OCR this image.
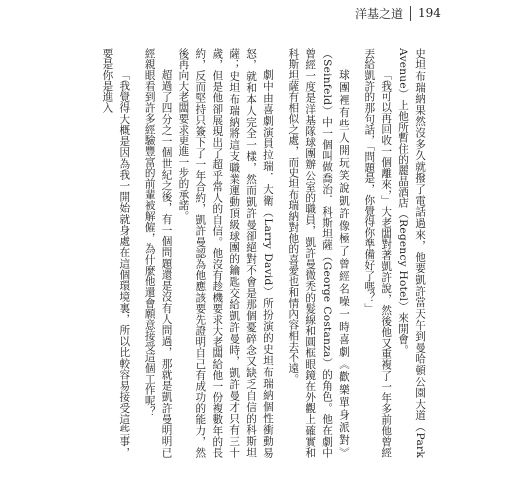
洋基之道 194

史坦布瑞納果然沒多久就撥了電話過來，他要凱許當天午到曼哈頓公園大道（Park Avenue）上他所暫住的麗晶酒店（Regency Hotel）來開會。

「我可以再回收一個離來，」大老闆對著凱許說，然後他又重複了一年多前他曾經丟給凱許的那句話，「問題是，你覺得你準備好了嗎？」

球團裡有些人開玩笑說凱許像極了曾經名噪一時喜劇《歡樂單身派對》（Seinfeld）中一個叫做喬治．科斯坦薩（George Costanza）的角色。他在劇中曾經一度是洋基隊球團辦公室的職員，凱許曼微禿的髮線和圓框眼鏡在外觀上確實和科斯坦薩有相似之處，而史坦布瑞納對他的喜愛也和情內容相去不遠。

劇中由喜劇演員拉瑞．大衛（Larry David）所扮演的史坦布瑞納個性衝動易怒，就和本人完全一樣，然而凱許曼卻絕對不會是那個憂碎念又缺乏自信的科斯坦薩；史坦布瑞納將這支職業運動頂級球團的鑰匙交給凱許曼時，凱許曼才只有三十歲，但是他卻展現出了超乎常人的自信。他沒有趁機要求大老闆給他一份複數年的長約，反而堅持只簽下了一年合約，凱許曼認為他應該要先證明自己有成功的能力，然後再向大老闆要求更進一步的承諾。

超過了四分之一個世紀之後，有一個問題還是沒有人問過，那就是凱許曼明明已經親眼看到許多經驗豐富的前輩被解僱，為什麼他還會願意接受這個工作呢？

「我覺得大概是因為我一開始就身處在這個環境裏，所以比較容易接受這些事，要是你是進入
